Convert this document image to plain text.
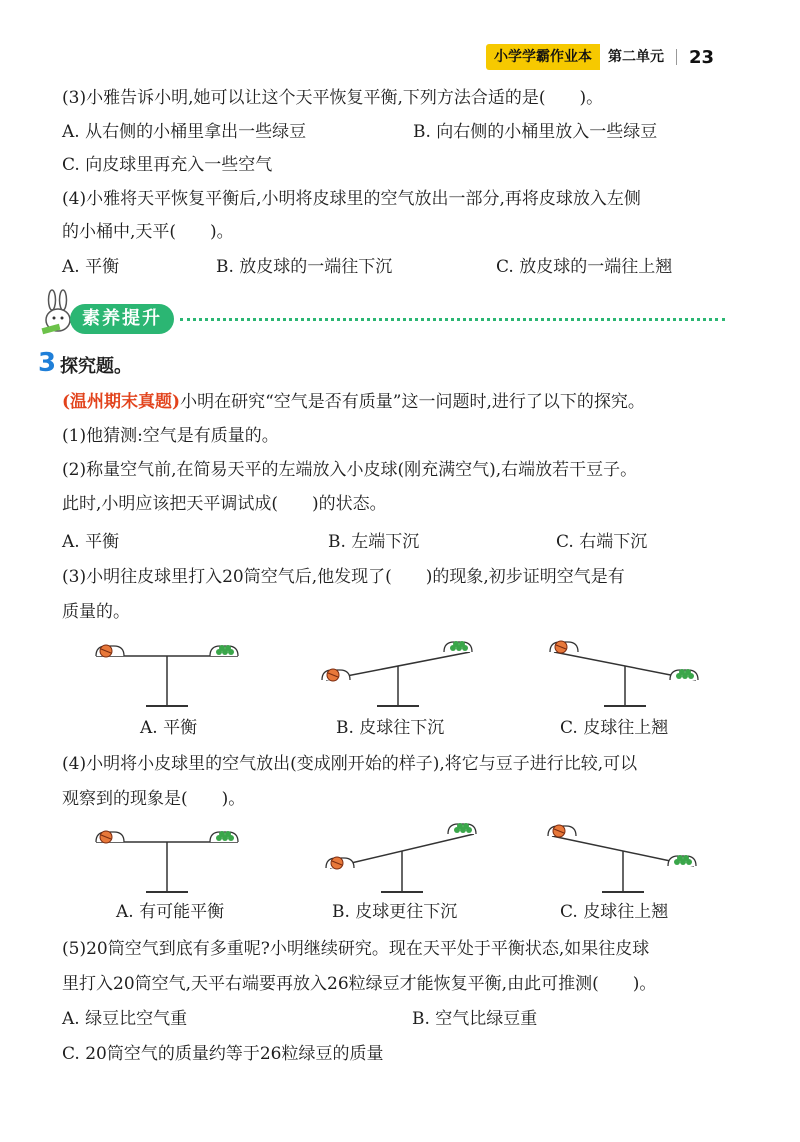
小学学霸作业本	第二单元	23
(3)小雅告诉小明,她可以让这个天平恢复平衡,下列方法合适的是(　　)。
A. 从右侧的小桶里拿出一些绿豆	B. 向右侧的小桶里放入一些绿豆
C. 向皮球里再充入一些空气
(4)小雅将天平恢复平衡后,小明将皮球里的空气放出一部分,再将皮球放入左侧
的小桶中,天平(　　)。
A. 平衡	B. 放皮球的一端往下沉	C. 放皮球的一端往上翘
素养提升
3 探究题。
(温州期末真题)小明在研究“空气是否有质量”这一问题时,进行了以下的探究。
(1)他猜测:空气是有质量的。
(2)称量空气前,在简易天平的左端放入小皮球(刚充满空气),右端放若干豆子。
此时,小明应该把天平调试成(　　)的状态。
A. 平衡	B. 左端下沉	C. 右端下沉
(3)小明往皮球里打入20筒空气后,他发现了(　　)的现象,初步证明空气是有
质量的。
A. 平衡	B. 皮球往下沉	C. 皮球往上翘
(4)小明将小皮球里的空气放出(变成刚开始的样子),将它与豆子进行比较,可以
观察到的现象是(　　)。
A. 有可能平衡	B. 皮球更往下沉	C. 皮球往上翘
(5)20筒空气到底有多重呢?小明继续研究。现在天平处于平衡状态,如果往皮球
里打入20筒空气,天平右端要再放入26粒绿豆才能恢复平衡,由此可推测(　　)。
A. 绿豆比空气重	B. 空气比绿豆重
C. 20筒空气的质量约等于26粒绿豆的质量
